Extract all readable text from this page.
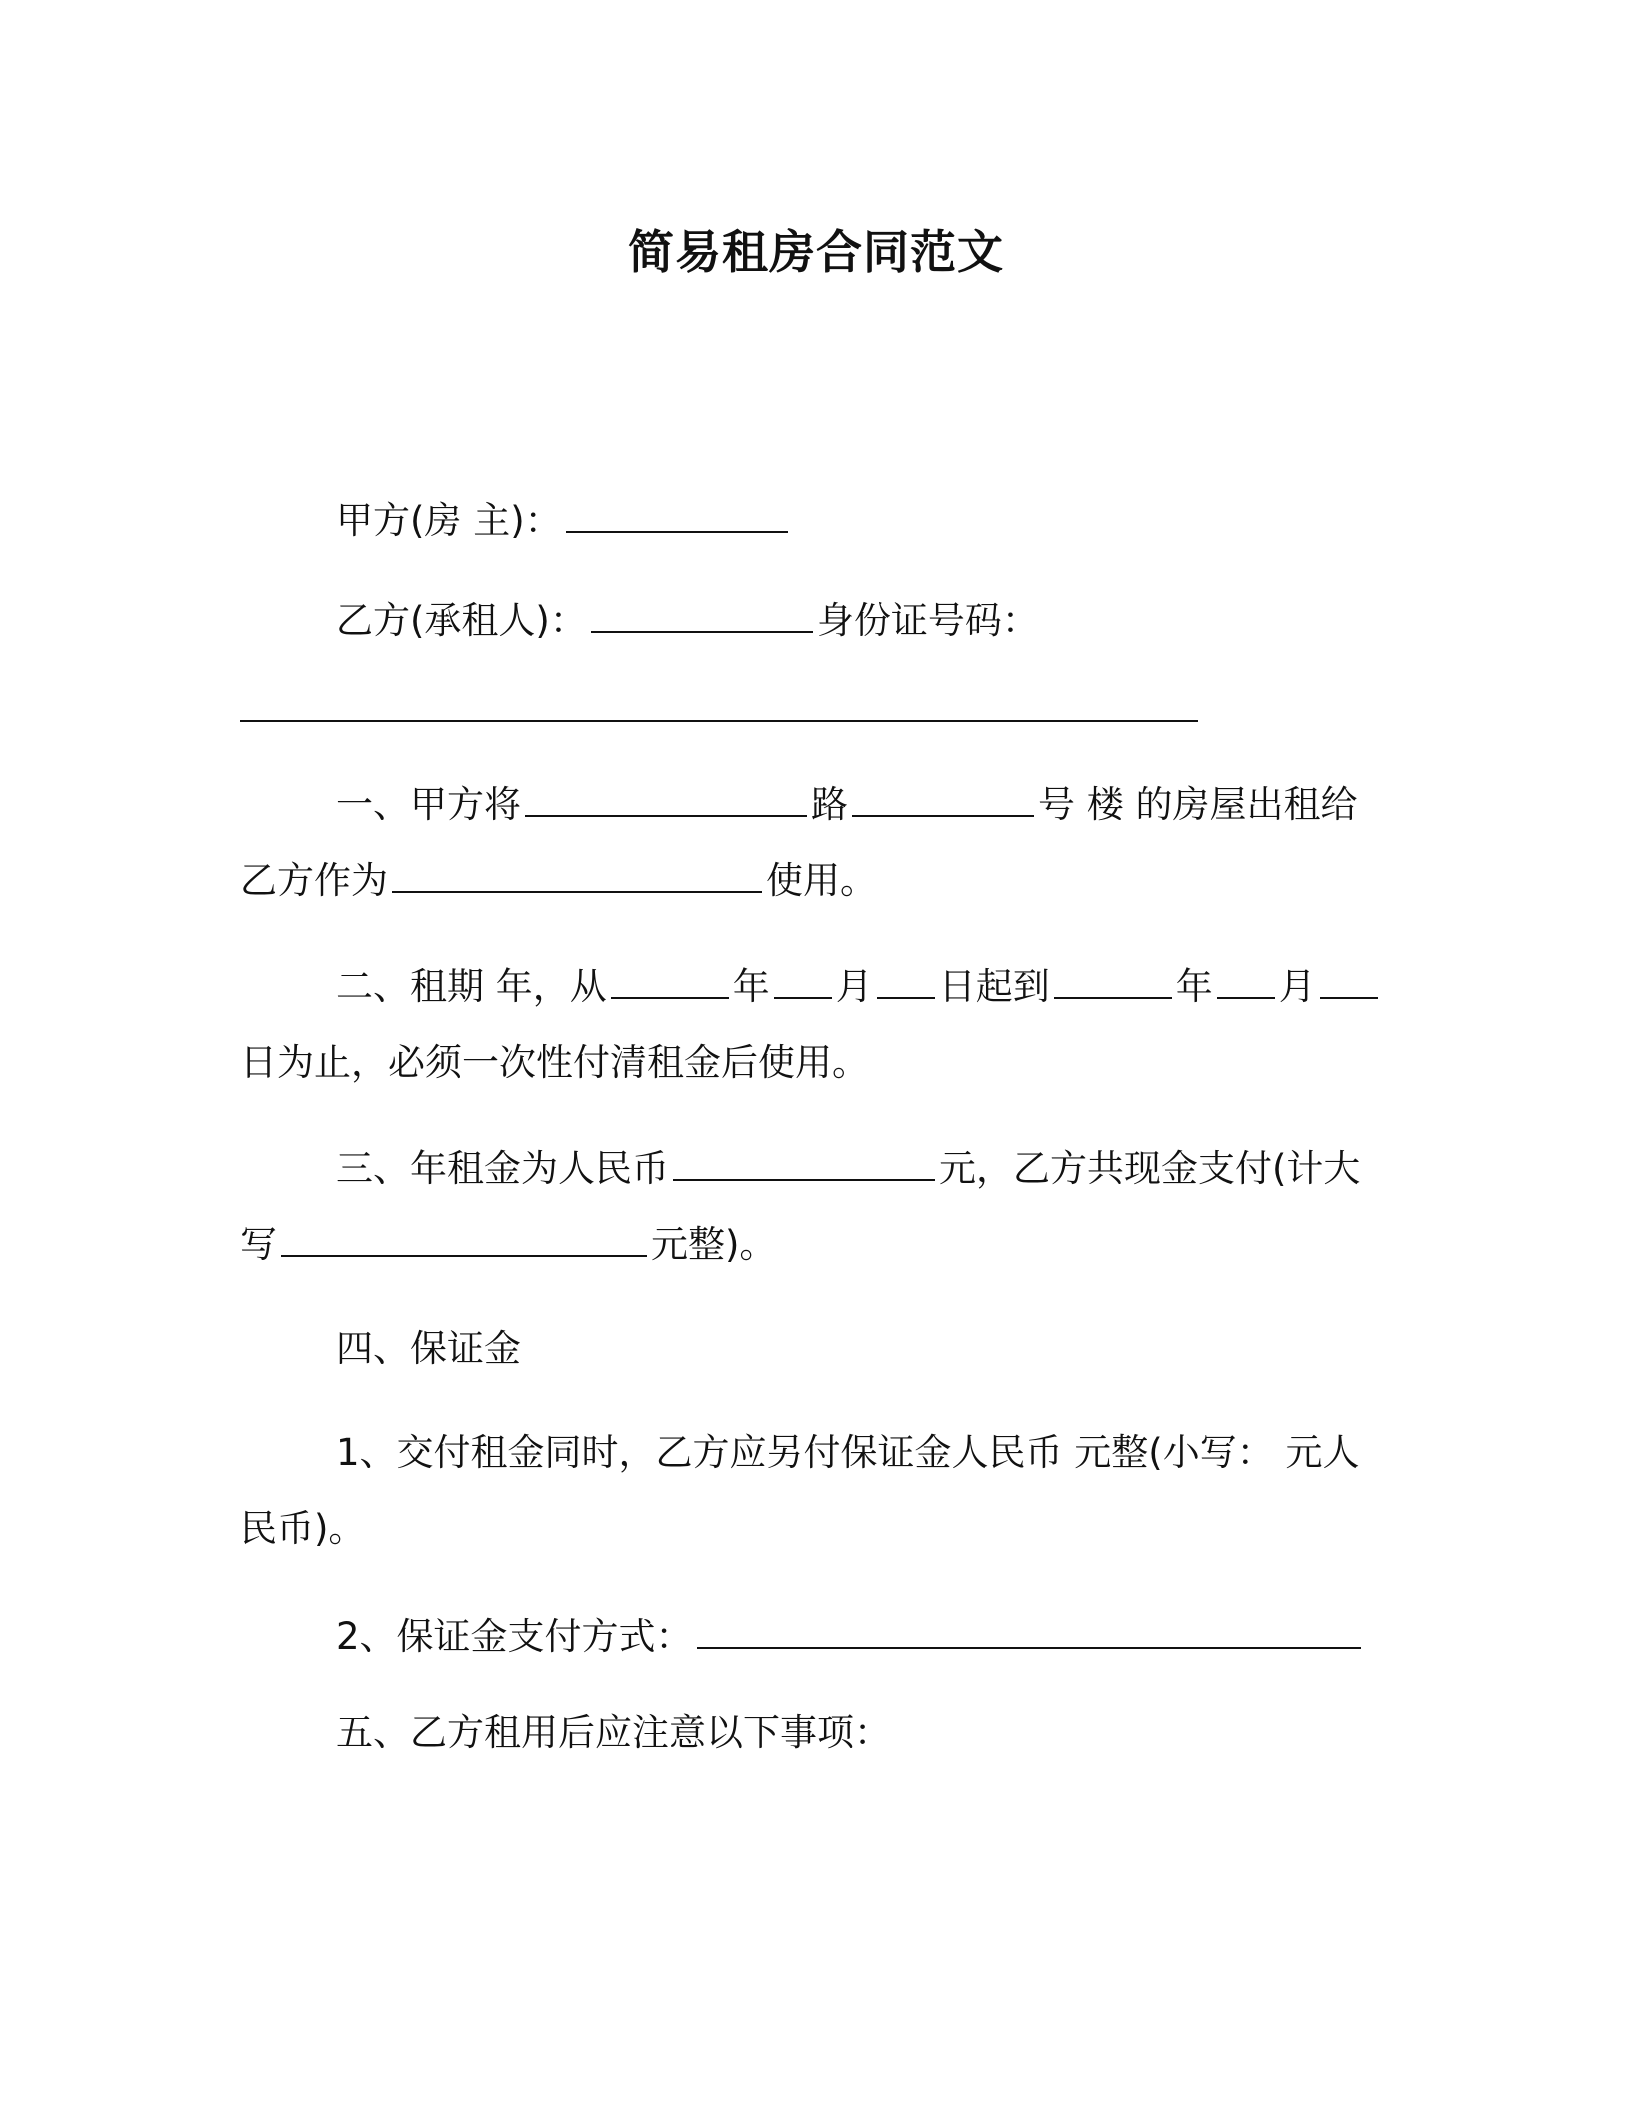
简易租房合同范文
甲方(房 主)：
乙方(承租人)：	身份证号码：
一、甲方将	路	号 楼 的房屋出租给
乙方作为	使用。
二、租期 年，从	年 月 日起到	年 月
日为止，必须一次性付清租金后使用。
三、年租金为人民币	元，乙方共现金支付(计大
写	元整)。
四、保证金
1、交付租金同时，乙方应另付保证金人民币 元整(小写： 元人
民币)。
2、保证金支付方式：
五、乙方租用后应注意以下事项：
